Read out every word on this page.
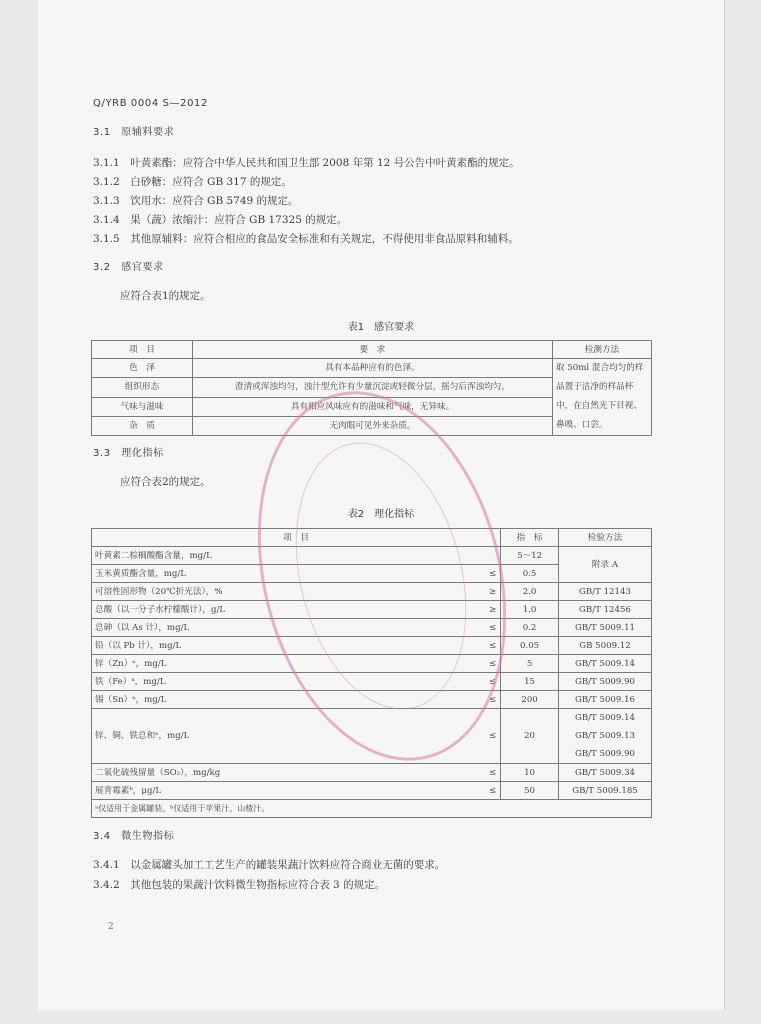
Q/YRB 0004 S—2012
3.1　原辅料要求
3.1.1　叶黄素酯：应符合中华人民共和国卫生部 2008 年第 12 号公告中叶黄素酯的规定。
3.1.2　白砂糖：应符合 GB 317 的规定。
3.1.3　饮用水：应符合 GB 5749 的规定。
3.1.4　果（蔬）浓缩汁：应符合 GB 17325 的规定。
3.1.5　其他原辅料：应符合相应的食品安全标准和有关规定，不得使用非食品原料和辅料。
3.2　感官要求
应符合表1的规定。
表1　感官要求
项　目	要　求	检测方法
色　泽	具有本品种应有的色泽。	取 50ml 混合均匀的样品置于洁净的样品杯中，在自然光下目视、鼻嗅、口尝。
组织形态	澄清或浑浊均匀，浊汁型允许有少量沉淀或轻微分层，摇匀后浑浊均匀。	
气味与滋味	具有相应风味应有的滋味和气味，无异味。	
杂　质	无肉眼可见外来杂质。	
3.3　理化指标
应符合表2的规定。
表2　理化指标
项　目		指　标	检验方法
叶黄素二棕榈酸酯含量，mg/L		5～12	附录 A
玉米黄质酯含量，mg/L	≤	0.5	
可溶性固形物（20℃折光法），%	≥	2.0	GB/T 12143
总酸（以一分子水柠檬酸计），g/L	≥	1.0	GB/T 12456
总砷（以 As 计），mg/L	≤	0.2	GB/T 5009.11
铅（以 Pb 计），mg/L	≤	0.05	GB 5009.12
锌（Zn）ᵃ，mg/L	≤	5	GB/T 5009.14
铁（Fe）ᵃ，mg/L	≤	15	GB/T 5009.90
锡（Sn）ᵃ，mg/L	≤	200	GB/T 5009.16
锌、铜、铁总和ᵃ，mg/L	≤	20	GB/T 5009.14
GB/T 5009.13
GB/T 5009.90

二氧化硫残留量（SO₂），mg/kg	≤	10	GB/T 5009.34
展青霉素ᵇ，μg/L	≤	50	GB/T 5009.185
ᵃ仅适用于金属罐装。ᵇ仅适用于苹果汁、山楂汁。			
3.4　微生物指标
3.4.1　以金属罐头加工工艺生产的罐装果蔬汁饮料应符合商业无菌的要求。
3.4.2　其他包装的果蔬汁饮料微生物指标应符合表 3 的规定。
2
